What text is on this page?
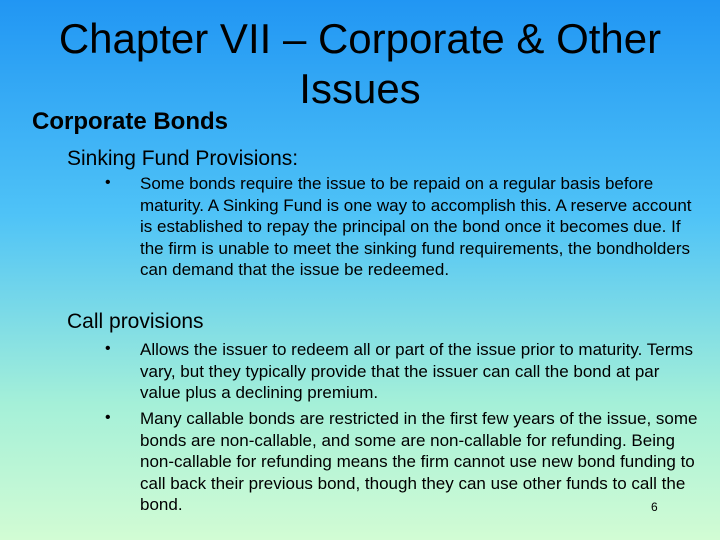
Chapter VII – Corporate & Other Issues
Corporate Bonds
Sinking Fund Provisions:
• Some bonds require the issue to be repaid on a regular basis before maturity. A Sinking Fund is one way to accomplish this. A reserve account is established to repay the principal on the bond once it becomes due. If the firm is unable to meet the sinking fund requirements, the bondholders can demand that the issue be redeemed.
Call provisions
• Allows the issuer to redeem all or part of the issue prior to maturity. Terms vary, but they typically provide that the issuer can call the bond at par value plus a declining premium.
• Many callable bonds are restricted in the first few years of the issue, some bonds are non-callable, and some are non-callable for refunding. Being non-callable for refunding means the firm cannot use new bond funding to call back their previous bond, though they can use other funds to call the bond.	6
